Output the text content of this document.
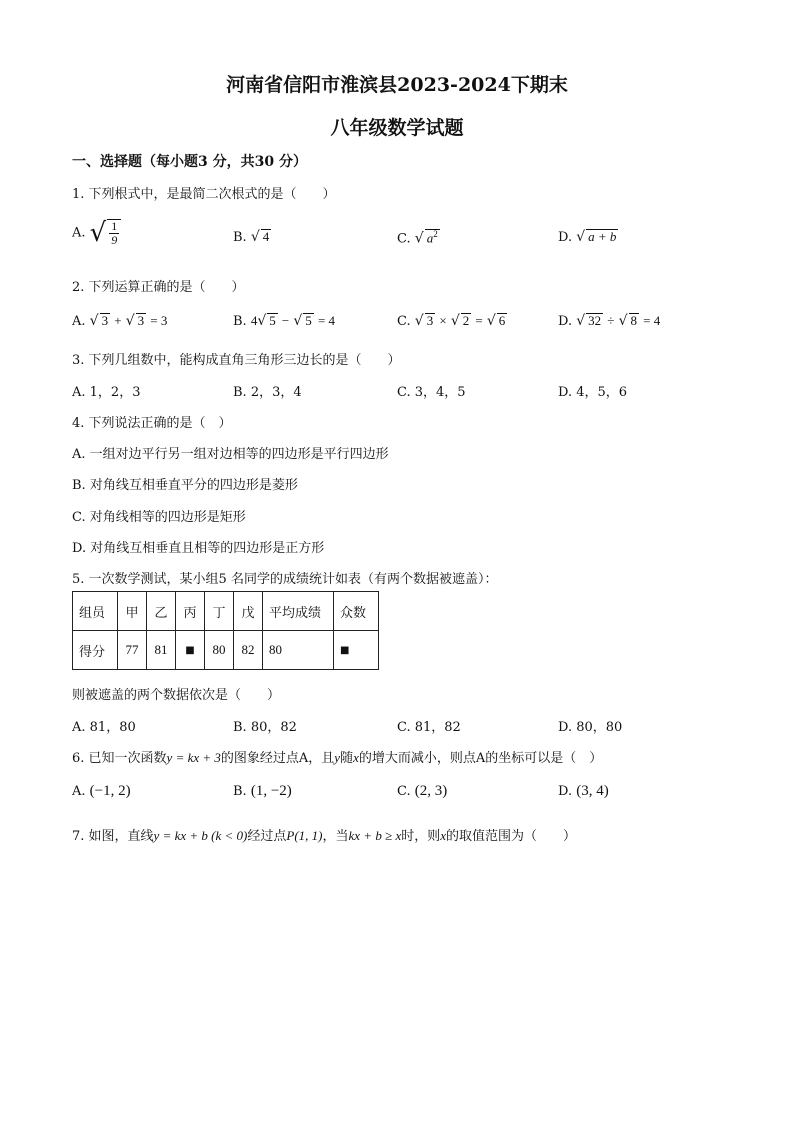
河南省信阳市淮滨县2023-2024下期末
八年级数学试题
一、选择题（每小题3 分，共30 分）
1. 下列根式中，是最简二次根式的是（　　）
A. √ $\frac{1}{9}$	B. √ 4	C. √ $a^2$	D. √ a + b
2. 下列运算正确的是（　　）
A. √ 3 + √ 3 = 3	B. 4√ 5 − √ 5 = 4	C. √ 3 × √ 2 = √ 6	D. √ 32 ÷ √ 8 = 4
3. 下列几组数中，能构成直角三角形三边长的是（　　）
A. 1，2，3	B. 2，3，4	C. 3，4，5	D. 4，5，6
4. 下列说法正确的是（　）
A. 一组对边平行另一组对边相等的四边形是平行四边形
B. 对角线互相垂直平分的四边形是菱形
C. 对角线相等的四边形是矩形
D. 对角线互相垂直且相等的四边形是正方形
5. 一次数学测试，某小组5 名同学的成绩统计如表（有两个数据被遮盖）：
组员	甲	乙	丙	丁	戊	平均成绩	众数
得分	77	81	■	80	82	80	■
则被遮盖的两个数据依次是（　　）
A. 81，80	B. 80，82	C. 81，82	D. 80，80
6. 已知一次函数y = kx + 3的图象经过点A，且y随x的增大而减小，则点A的坐标可以是（　）
A. (−1, 2)	B. (1, −2)	C. (2, 3)	D. (3, 4)
7. 如图，直线y = kx + b (k < 0)经过点P(1, 1)，当kx + b ≥ x时，则x的取值范围为（　　）
